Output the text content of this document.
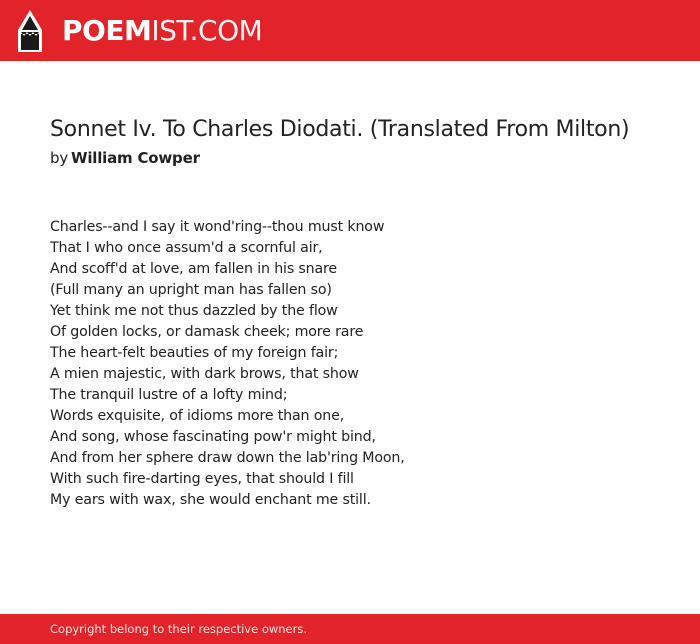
POEMIST.COM
Sonnet Iv. To Charles Diodati. (Translated From Milton)
by William Cowper
Charles--and I say it wond'ring--thou must know
That I who once assum'd a scornful air,
And scoff'd at love, am fallen in his snare
(Full many an upright man has fallen so)
Yet think me not thus dazzled by the flow
Of golden locks, or damask cheek; more rare
The heart-felt beauties of my foreign fair;
A mien majestic, with dark brows, that show
The tranquil lustre of a lofty mind;
Words exquisite, of idioms more than one,
And song, whose fascinating pow'r might bind,
And from her sphere draw down the lab'ring Moon,
With such fire-darting eyes, that should I fill
My ears with wax, she would enchant me still.
Copyright belong to their respective owners.
